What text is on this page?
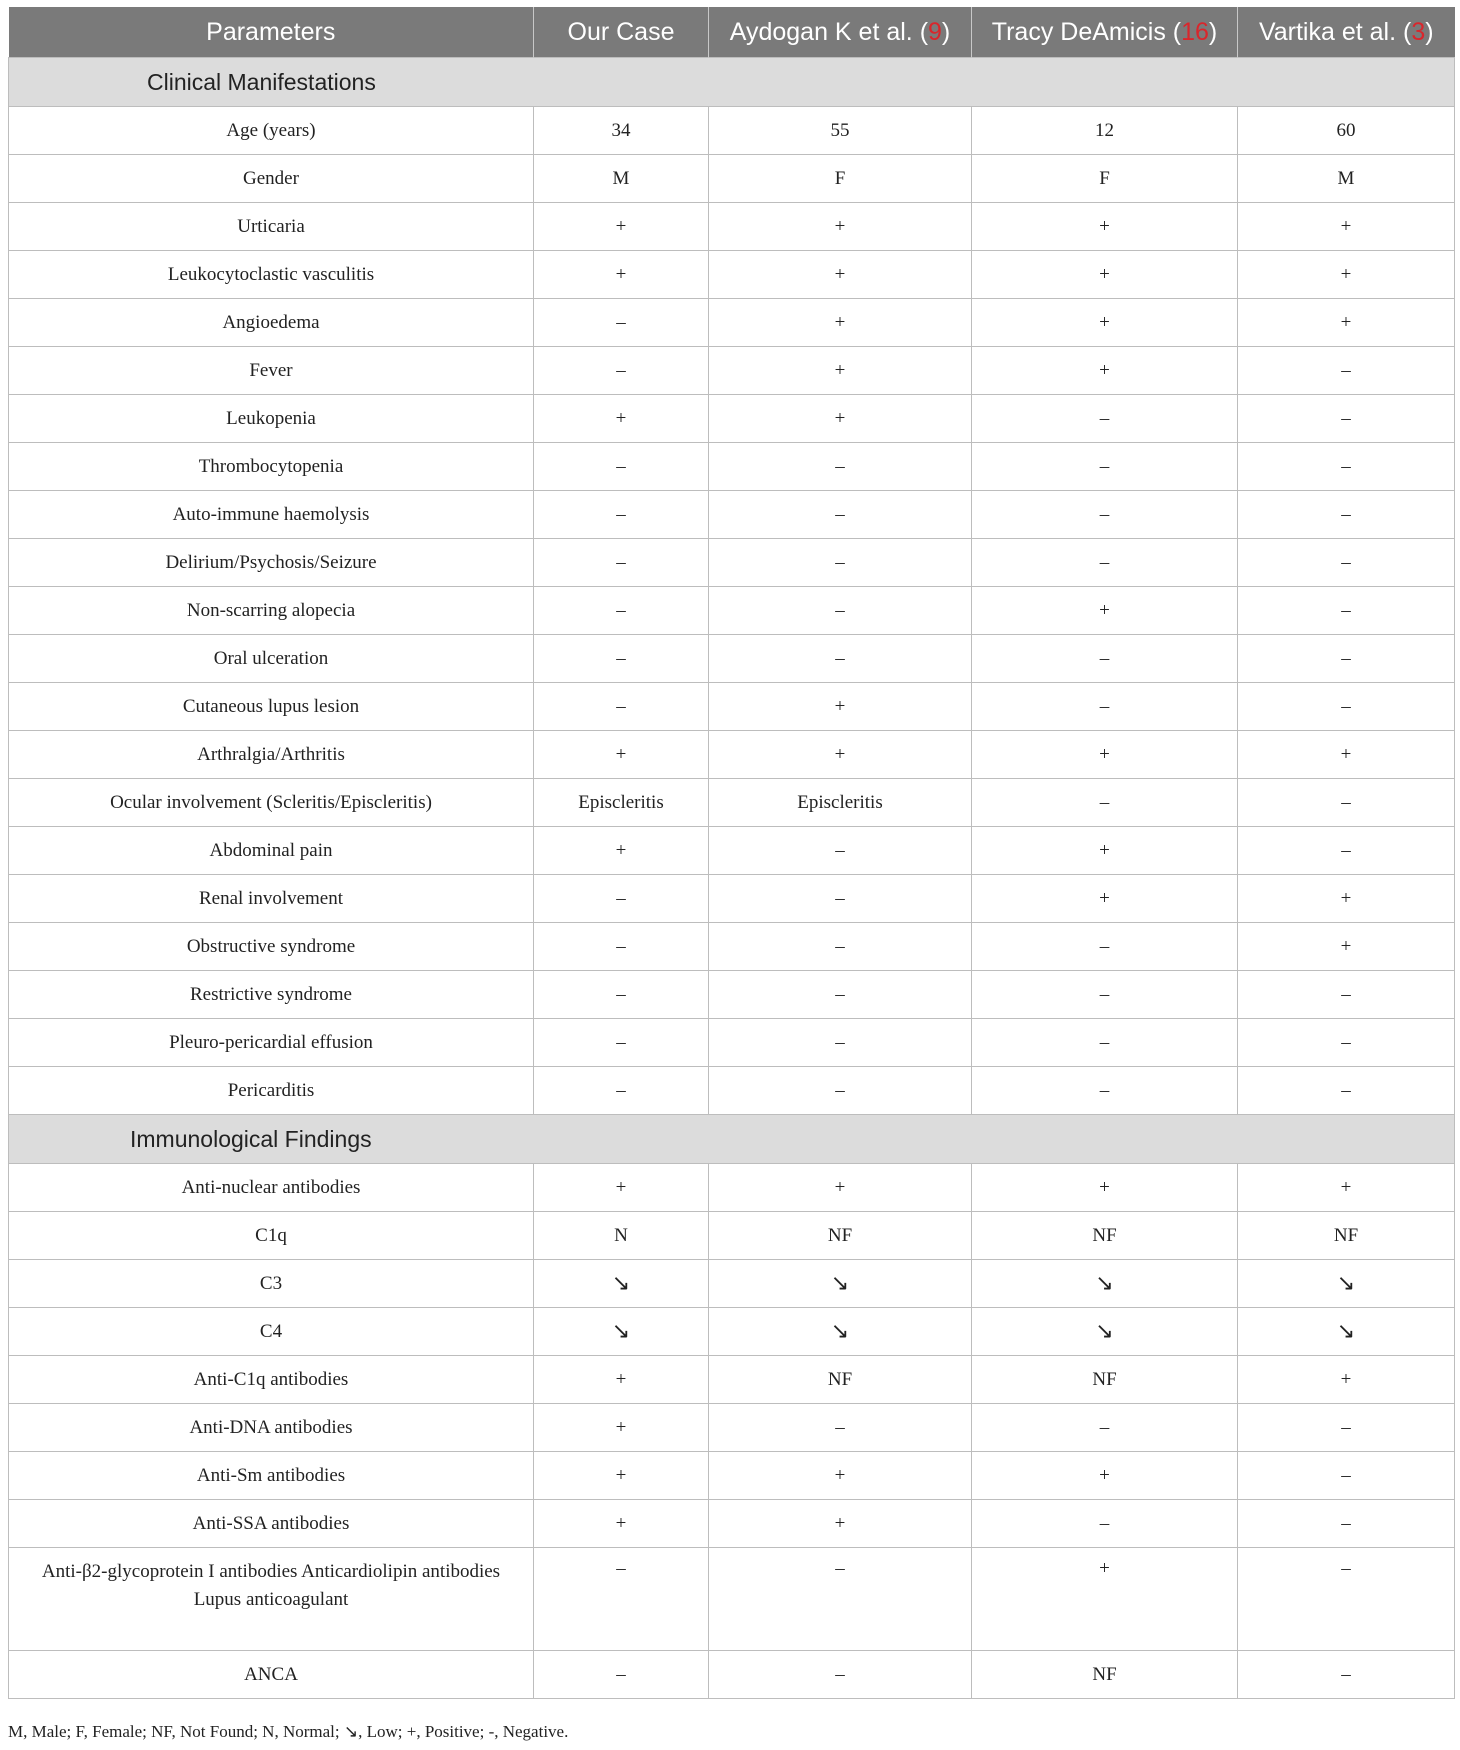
Parameters	Our Case	Aydogan K et al. (9)	Tracy DeAmicis (16)	Vartika et al. (3)
Clinical Manifestations				
Age (years)	34	55	12	60
Gender	M	F	F	M
Urticaria	+	+	+	+
Leukocytoclastic vasculitis	+	+	+	+
Angioedema	–	+	+	+
Fever	–	+	+	–
Leukopenia	+	+	–	–
Thrombocytopenia	–	–	–	–
Auto-immune haemolysis	–	–	–	–
Delirium/Psychosis/Seizure	–	–	–	–
Non-scarring alopecia	–	–	+	–
Oral ulceration	–	–	–	–
Cutaneous lupus lesion	–	+	–	–
Arthralgia/Arthritis	+	+	+	+
Ocular involvement (Scleritis/Episcleritis)	Episcleritis	Episcleritis	–	–
Abdominal pain	+	–	+	–
Renal involvement	–	–	+	+
Obstructive syndrome	–	–	–	+
Restrictive syndrome	–	–	–	–
Pleuro-pericardial effusion	–	–	–	–
Pericarditis	–	–	–	–
Immunological Findings				
Anti-nuclear antibodies	+	+	+	+
C1q	N	NF	NF	NF
C3	↘	↘	↘	↘
C4	↘	↘	↘	↘
Anti-C1q antibodies	+	NF	NF	+
Anti-DNA antibodies	+	–	–	–
Anti-Sm antibodies	+	+	+	–
Anti-SSA antibodies	+	+	–	–

Anti-β2-glycoprotein I antibodies Anticardiolipin antibodies
Lupus anticoagulant	–	–	+	–
ANCA	–	–	NF	–
M, Male; F, Female; NF, Not Found; N, Normal; ↘, Low; +, Positive; -, Negative.
